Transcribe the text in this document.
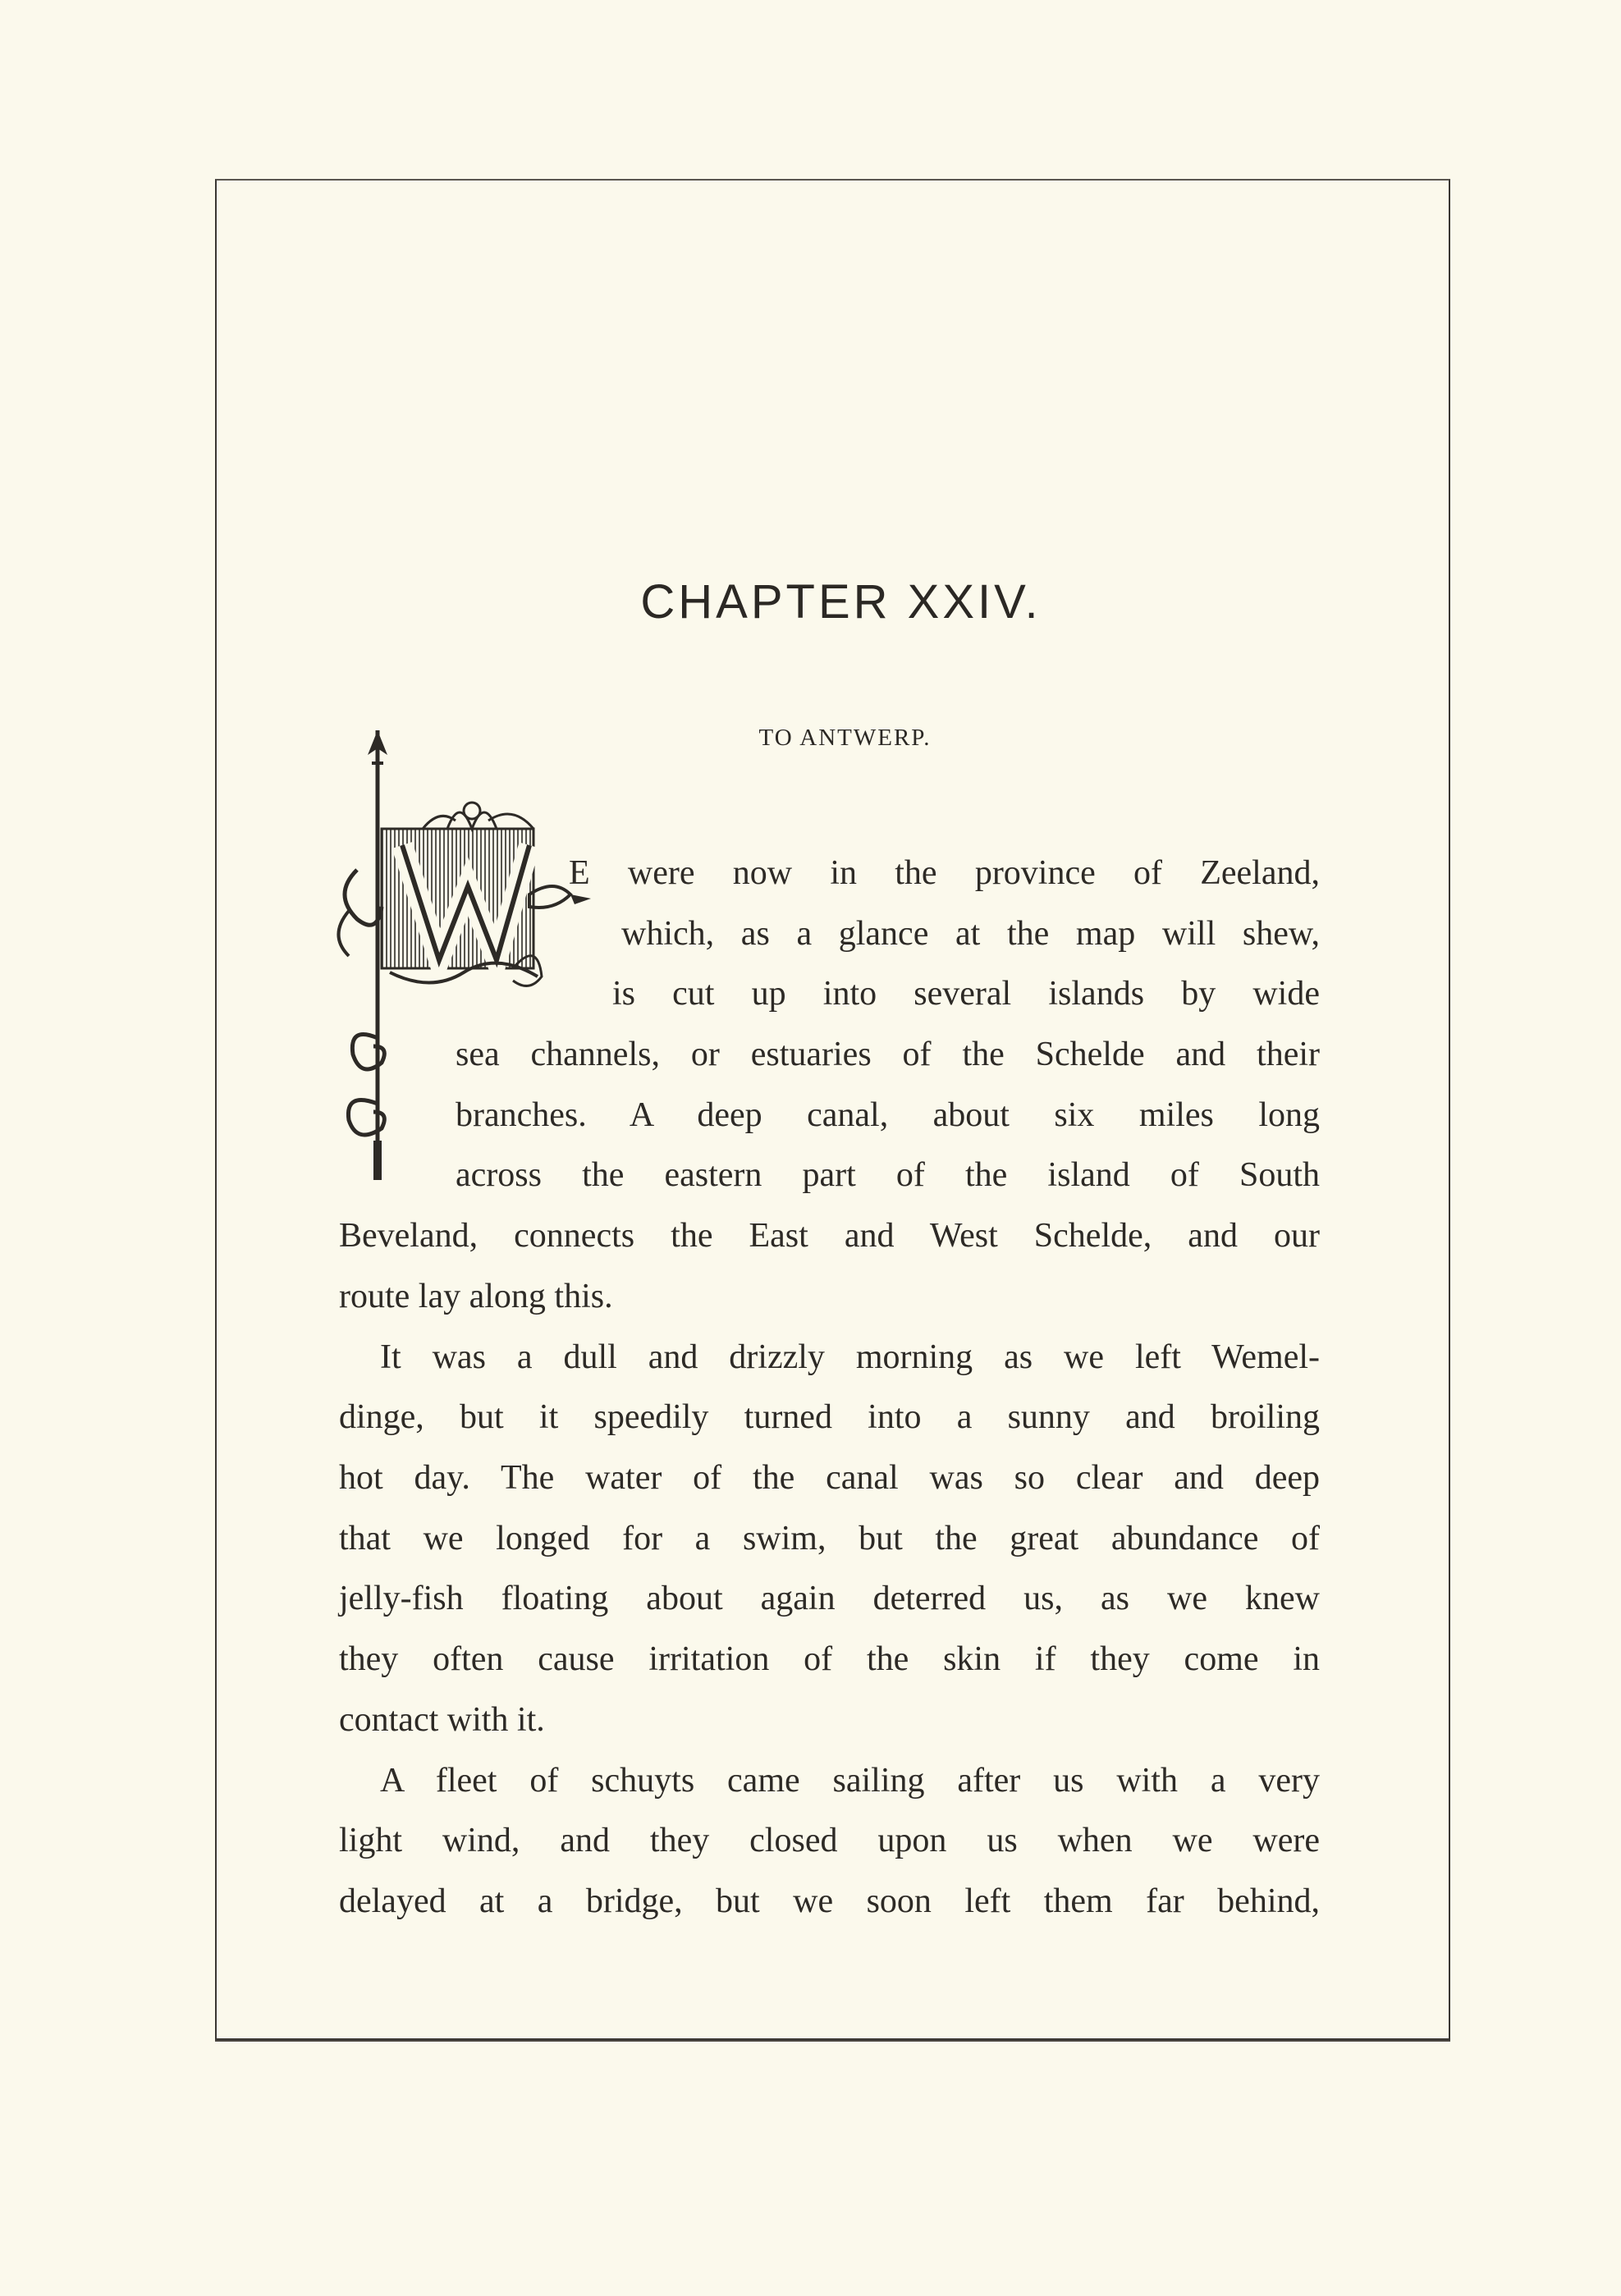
CHAPTER XXIV.
TO ANTWERP.
E were now in the province of Zeeland,
which, as a glance at the map will shew,
is cut up into several islands by wide
sea channels, or estuaries of the Schelde and their
branches. A deep canal, about six miles long
across the eastern part of the island of South
Beveland, connects the East and West Schelde, and our
route lay along this.
It was a dull and drizzly morning as we left Wemel-
dinge, but it speedily turned into a sunny and broiling
hot day. The water of the canal was so clear and deep
that we longed for a swim, but the great abundance of
jelly-fish floating about again deterred us, as we knew
they often cause irritation of the skin if they come in
contact with it.
A fleet of schuyts came sailing after us with a very
light wind, and they closed upon us when we were
delayed at a bridge, but we soon left them far behind,
